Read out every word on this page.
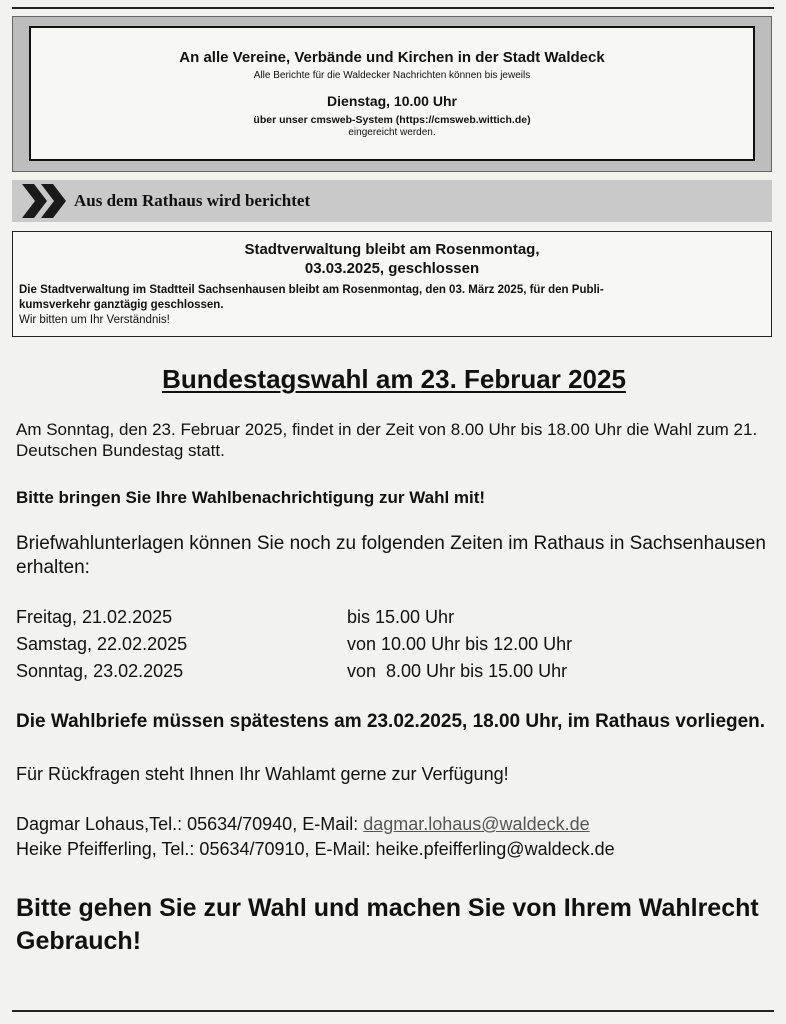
An alle Vereine, Verbände und Kirchen in der Stadt Waldeck
Alle Berichte für die Waldecker Nachrichten können bis jeweils
Dienstag, 10.00 Uhr
über unser cmsweb-System (https://cmsweb.wittich.de)
eingereicht werden.
Aus dem Rathaus wird berichtet
Stadtverwaltung bleibt am Rosenmontag,
03.03.2025, geschlossen
Die Stadtverwaltung im Stadtteil Sachsenhausen bleibt am Rosenmontag, den 03. März 2025, für den Publi-
kumsverkehr ganztägig geschlossen.
Wir bitten um Ihr Verständnis!
Bundestagswahl am 23. Februar 2025
Am Sonntag, den 23. Februar 2025, findet in der Zeit von 8.00 Uhr bis 18.00 Uhr die Wahl zum 21. Deutschen Bundestag statt.
Bitte bringen Sie Ihre Wahlbenachrichtigung zur Wahl mit!
Briefwahlunterlagen können Sie noch zu folgenden Zeiten im Rathaus in Sachsenhausen erhalten:
Freitag, 21.02.2025	bis 15.00 Uhr
Samstag, 22.02.2025	von 10.00 Uhr bis 12.00 Uhr
Sonntag, 23.02.2025	von  8.00 Uhr bis 15.00 Uhr
Die Wahlbriefe müssen spätestens am 23.02.2025, 18.00 Uhr, im Rathaus vorliegen.
Für Rückfragen steht Ihnen Ihr Wahlamt gerne zur Verfügung!
Dagmar Lohaus,Tel.: 05634/70940, E-Mail: dagmar.lohaus@waldeck.de
Heike Pfeifferling, Tel.: 05634/70910, E-Mail: heike.pfeifferling@waldeck.de
Bitte gehen Sie zur Wahl und machen Sie von Ihrem Wahlrecht Gebrauch!
